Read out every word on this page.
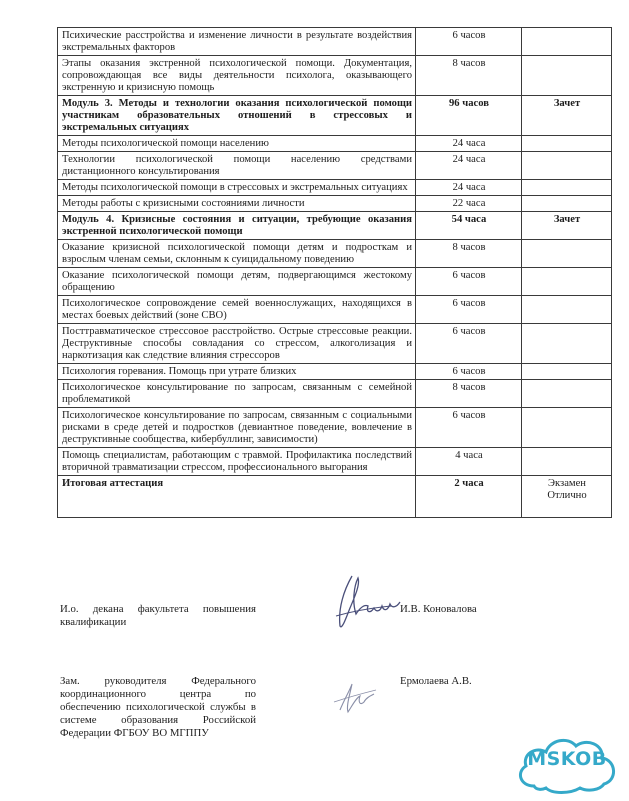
Психические расстройства и изменение личности в результате воздействия экстремальных факторов	6 часов	
Этапы оказания экстренной психологической помощи. Документация, сопровождающая все виды деятельности психолога, оказывающего экстренную и кризисную помощь	8 часов	
Модуль 3. Методы и технологии оказания психологической помощи участникам образовательных отношений в стрессовых и экстремальных ситуациях	96 часов	Зачет
Методы психологической помощи населению	24 часа	
Технологии психологической помощи населению средствами дистанционного консультирования	24 часа	
Методы психологической помощи в стрессовых и экстремальных ситуациях	24 часа	
Методы работы с кризисными состояниями личности	22 часа	
Модуль 4. Кризисные состояния и ситуации, требующие оказания экстренной психологической помощи	54 часа	Зачет
Оказание кризисной психологической помощи детям и подросткам и взрослым членам семьи, склонным к суицидальному поведению	8 часов	
Оказание психологической помощи детям, подвергающимся жестокому обращению	6 часов	
Психологическое сопровождение семей военнослужащих, находящихся в местах боевых действий (зоне СВО)	6 часов	
Посттравматическое стрессовое расстройство. Острые стрессовые реакции. Деструктивные способы совладания со стрессом, алкоголизация и наркотизация как следствие влияния стрессоров	6 часов	
Психология горевания. Помощь при утрате близких	6 часов	
Психологическое консультирование по запросам, связанным с семейной проблематикой	8 часов	
Психологическое консультирование по запросам, связанным с социальными рисками в среде детей и подростков (девиантное поведение, вовлечение в деструктивные сообщества, кибербуллинг, зависимости)	6 часов	
Помощь специалистам, работающим с травмой. Профилактика последствий вторичной травматизации стрессом, профессионального выгорания	4 часа	
Итоговая аттестация	2 часа	Экзамен
Отлично
И.о. декана факультета повышения квалификации
И.В. Коновалова
Зам. руководителя Федерального координационного центра по обеспечению психологической службы в системе образования Российской Федерации ФГБОУ ВО МГППУ
Ермолаева А.В.
MSKOB
